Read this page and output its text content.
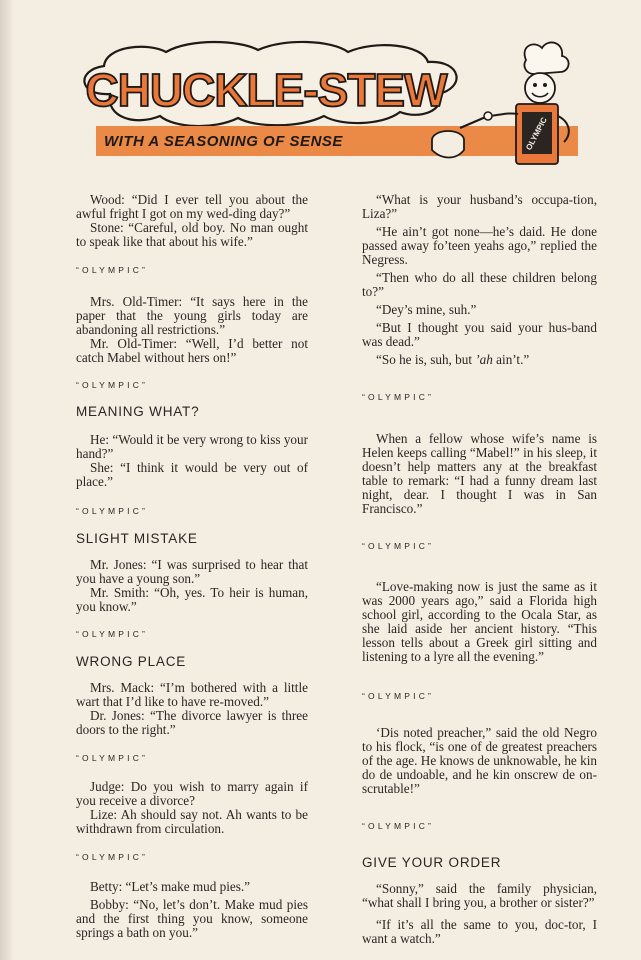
CHUCKLE-STEW
WITH A SEASONING OF SENSE	OLYMPIC

Wood: “Did I ever tell you about the awful fright I got on my wed-ding day?”

Stone: “Careful, old boy. No man ought to speak like that about his wife.”

“OLYMPIC”

Mrs. Old-Timer: “It says here in the paper that the young girls today are abandoning all restrictions.”

Mr. Old-Timer: “Well, I’d better not catch Mabel without hers on!”

“OLYMPIC”

MEANING WHAT?

He: “Would it be very wrong to kiss your hand?”

She: “I think it would be very out of place.”

“OLYMPIC”

SLIGHT MISTAKE

Mr. Jones: “I was surprised to hear that you have a young son.”

Mr. Smith: “Oh, yes. To heir is human, you know.”

“OLYMPIC”

WRONG PLACE

Mrs. Mack: “I’m bothered with a little wart that I’d like to have re-moved.”

Dr. Jones: “The divorce lawyer is three doors to the right.”

“OLYMPIC”

Judge: Do you wish to marry again if you receive a divorce?

Lize: Ah should say not. Ah wants to be withdrawn from circulation.

“OLYMPIC”

Betty: “Let’s make mud pies.”

Bobby: “No, let’s don’t. Make mud pies and the first thing you know, someone springs a bath on you.”

“What is your husband’s occupa-tion, Liza?”

“He ain’t got none—he’s daid. He done passed away fo’teen yeahs ago,” replied the Negress.

“Then who do all these children belong to?”

“Dey’s mine, suh.”

“But I thought you said your hus-band was dead.”

“So he is, suh, but ’ah ain’t.”

“OLYMPIC”

When a fellow whose wife’s name is Helen keeps calling “Mabel!” in his sleep, it doesn’t help matters any at the breakfast table to remark: “I had a funny dream last night, dear. I thought I was in San Francisco.”

“OLYMPIC”

“Love-making now is just the same as it was 2000 years ago,” said a Florida high school girl, according to the Ocala Star, as she laid aside her ancient history. “This lesson tells about a Greek girl sitting and listening to a lyre all the evening.”

“OLYMPIC”

‘Dis noted preacher,” said the old Negro to his flock, “is one of de greatest preachers of the age. He knows de unknowable, he kin do de undoable, and he kin onscrew de on-scrutable!”

“OLYMPIC”

GIVE YOUR ORDER

“Sonny,” said the family physician, “what shall I bring you, a brother or sister?”

“If it’s all the same to you, doc-tor, I want a watch.”
